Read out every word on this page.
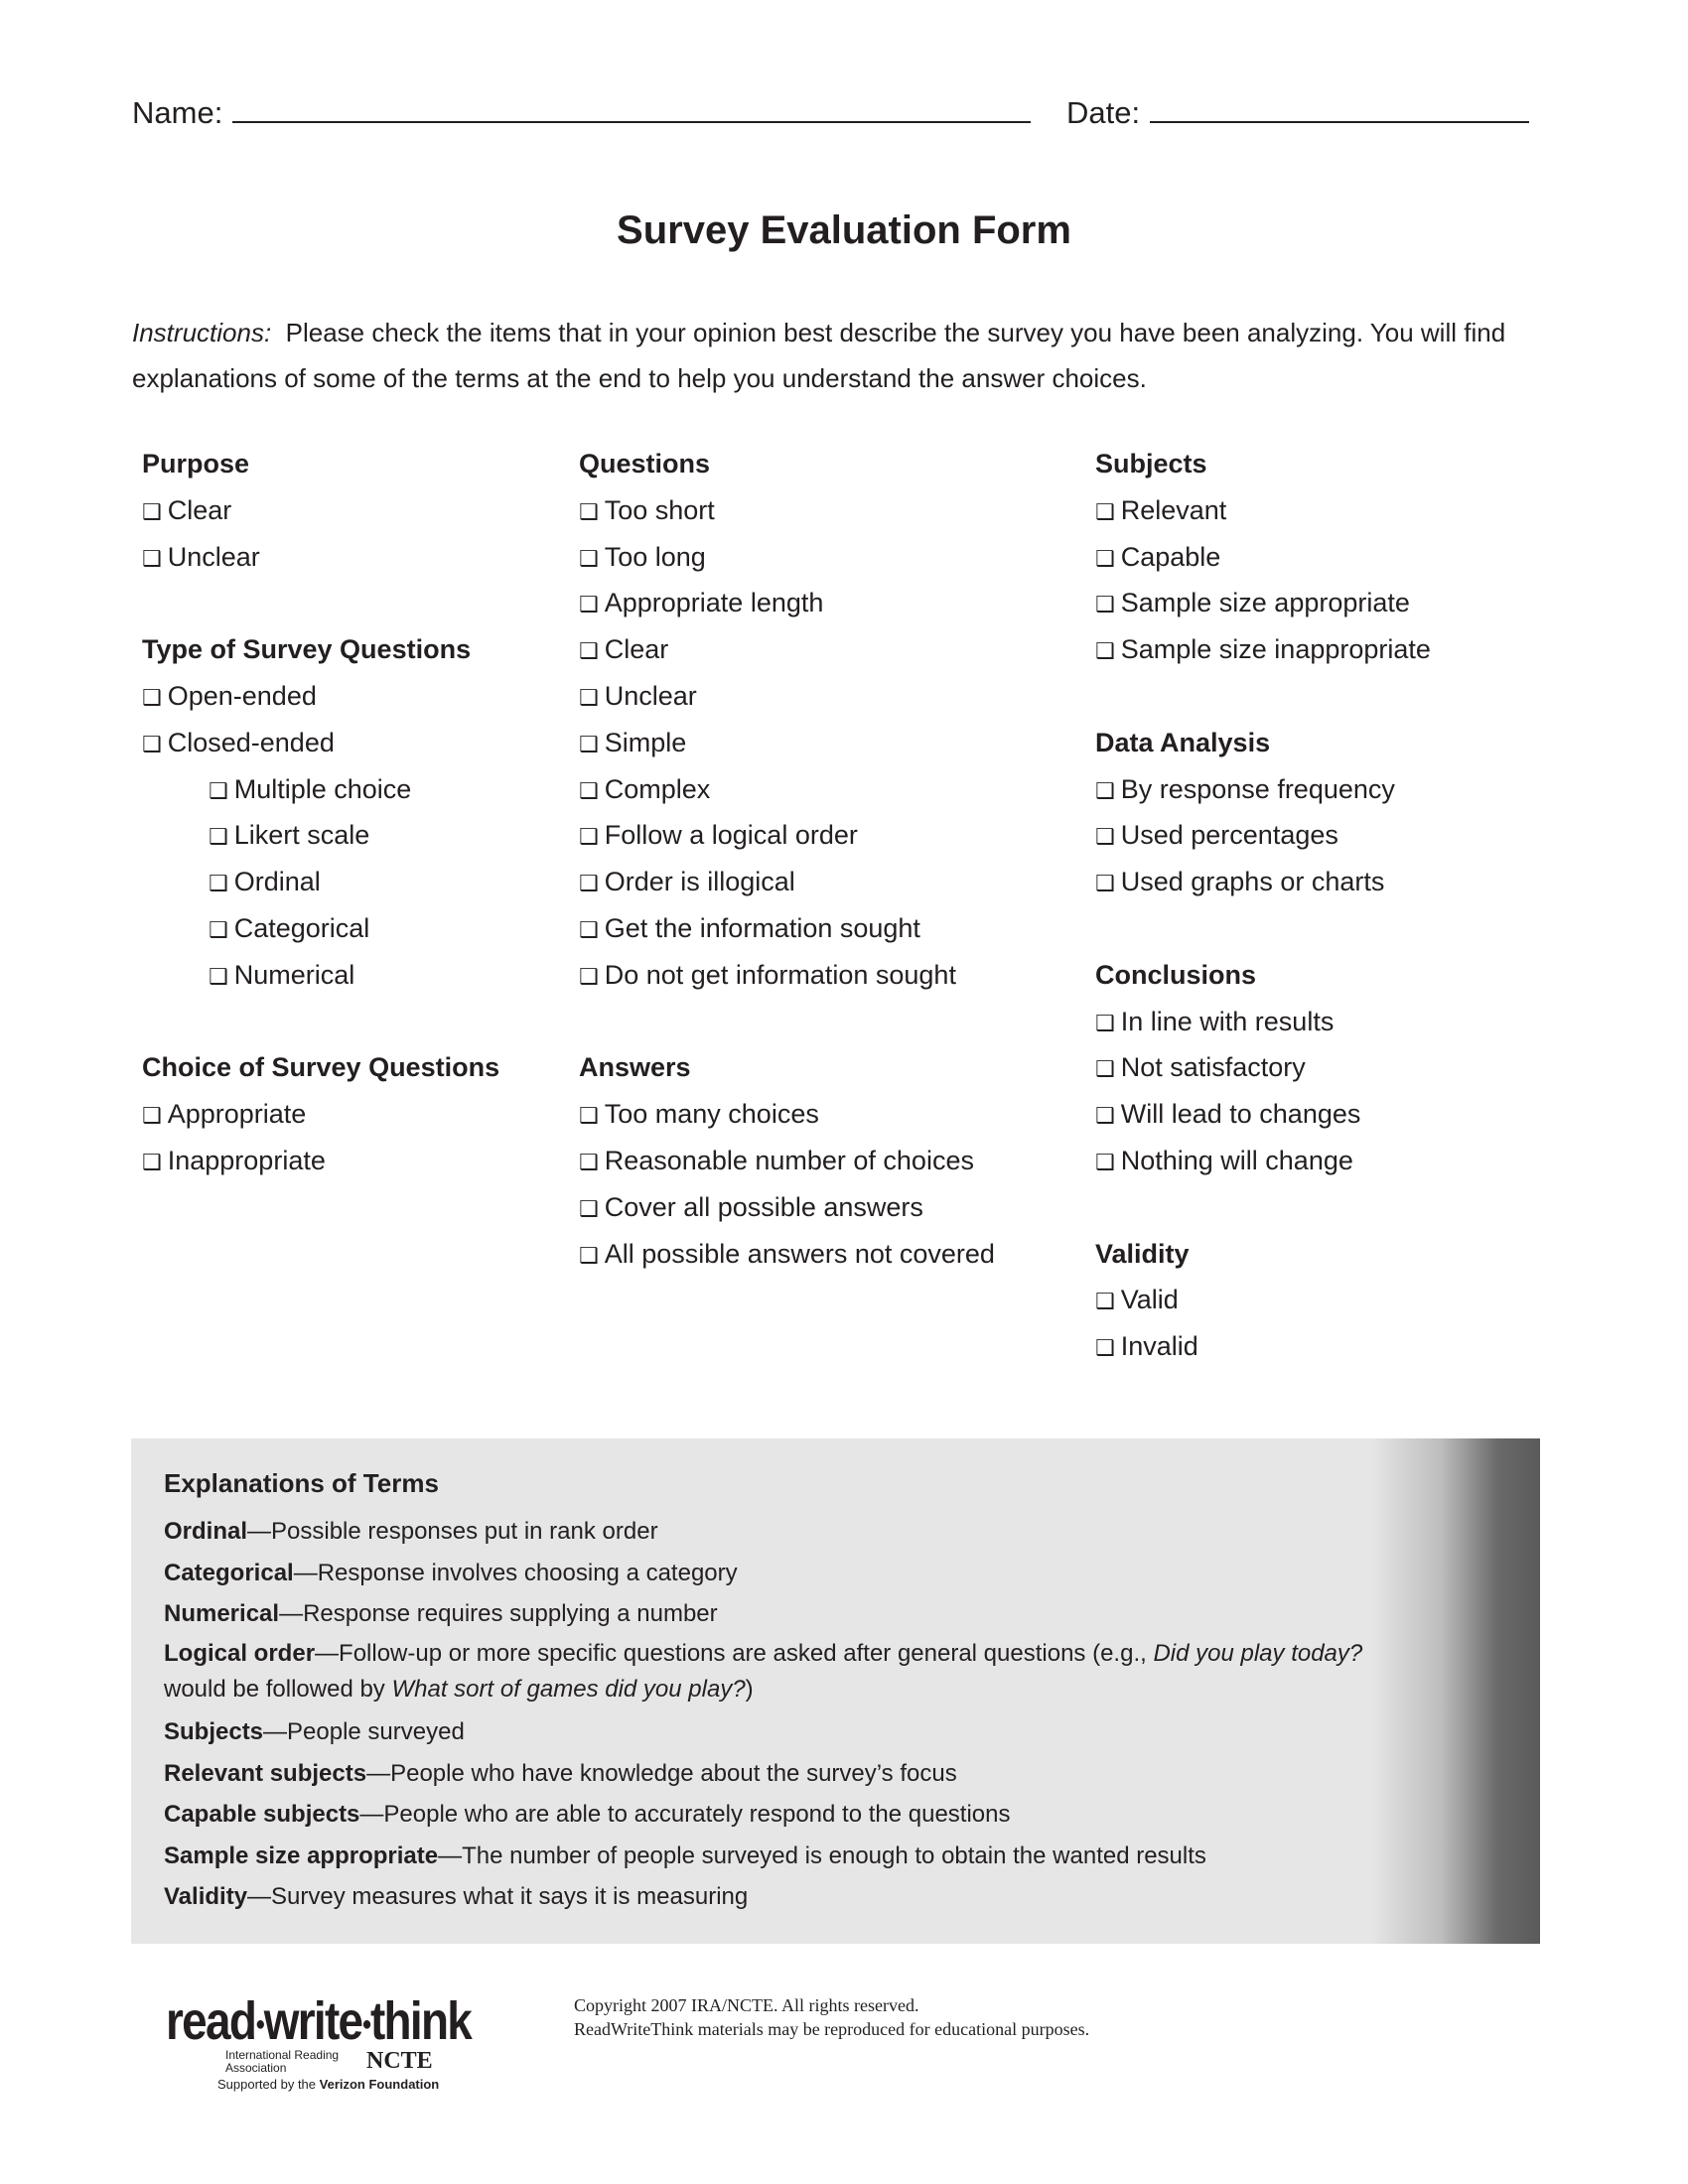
Name:	Date:
Survey Evaluation Form
Instructions: Please check the items that in your opinion best describe the survey you have been analyzing. You will find explanations of some of the terms at the end to help you understand the answer choices.
Purpose
❑ Clear
❑ Unclear
Type of Survey Questions
❑ Open-ended
❑ Closed-ended
❑ Multiple choice
❑ Likert scale
❑ Ordinal
❑ Categorical
❑ Numerical
Choice of Survey Questions
❑ Appropriate
❑ Inappropriate
Questions
❑ Too short
❑ Too long
❑ Appropriate length
❑ Clear
❑ Unclear
❑ Simple
❑ Complex
❑ Follow a logical order
❑ Order is illogical
❑ Get the information sought
❑ Do not get information sought
Answers
❑ Too many choices
❑ Reasonable number of choices
❑ Cover all possible answers
❑ All possible answers not covered
Subjects
❑ Relevant
❑ Capable
❑ Sample size appropriate
❑ Sample size inappropriate
Data Analysis
❑ By response frequency
❑ Used percentages
❑ Used graphs or charts
Conclusions
❑ In line with results
❑ Not satisfactory
❑ Will lead to changes
❑ Nothing will change
Validity
❑ Valid
❑ Invalid
Explanations of Terms
Ordinal—Possible responses put in rank order
Categorical—Response involves choosing a category
Numerical—Response requires supplying a number
Logical order—Follow-up or more specific questions are asked after general questions (e.g., Did you play today?
would be followed by What sort of games did you play?)
Subjects—People surveyed
Relevant subjects—People who have knowledge about the survey’s focus
Capable subjects—People who are able to accurately respond to the questions
Sample size appropriate—The number of people surveyed is enough to obtain the wanted results
Validity—Survey measures what it says it is measuring
read●write●think
International Reading Association	NCTE
Supported by the Verizon Foundation
Copyright 2007 IRA/NCTE. All rights reserved.
ReadWriteThink materials may be reproduced for educational purposes.
